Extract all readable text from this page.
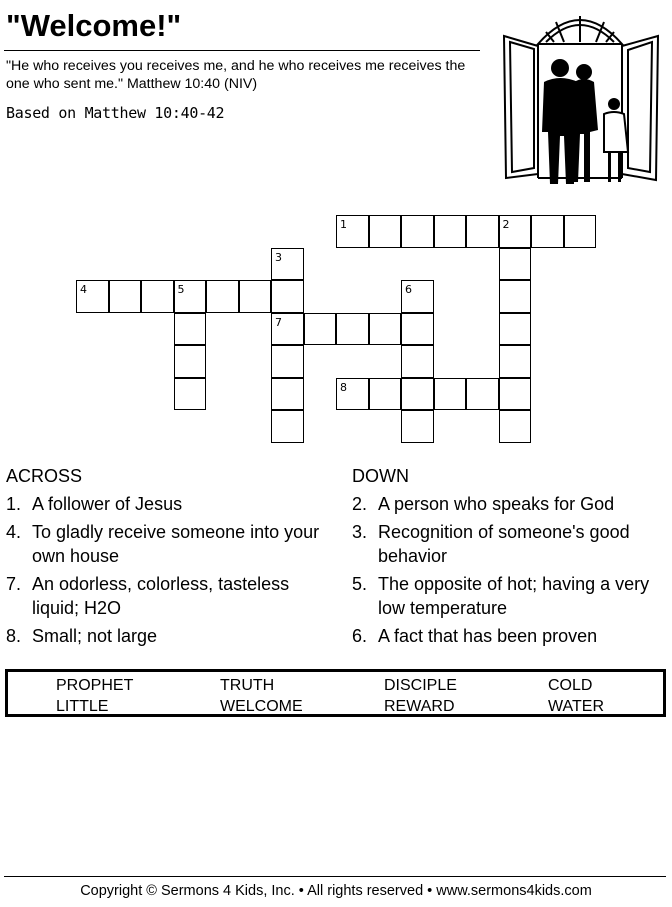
"Welcome!"
"He who receives you receives me, and he who receives me receives the one who sent me." Matthew 10:40 (NIV)
Based on Matthew 10:40-42
1	2
3
7
4	5	6
8
ACROSS
1. A follower of Jesus
4. To gladly receive someone into your own house
7. An odorless, colorless, tasteless liquid; H2O
8. Small; not large
DOWN
2. A person who speaks for God
3. Recognition of someone's good behavior
5. The opposite of hot; having a very low temperature
6. A fact that has been proven
PROPHET	TRUTH	DISCIPLE	COLD
LITTLE	WELCOME	REWARD	WATER
Copyright © Sermons 4 Kids, Inc. • All rights reserved • www.sermons4kids.com
